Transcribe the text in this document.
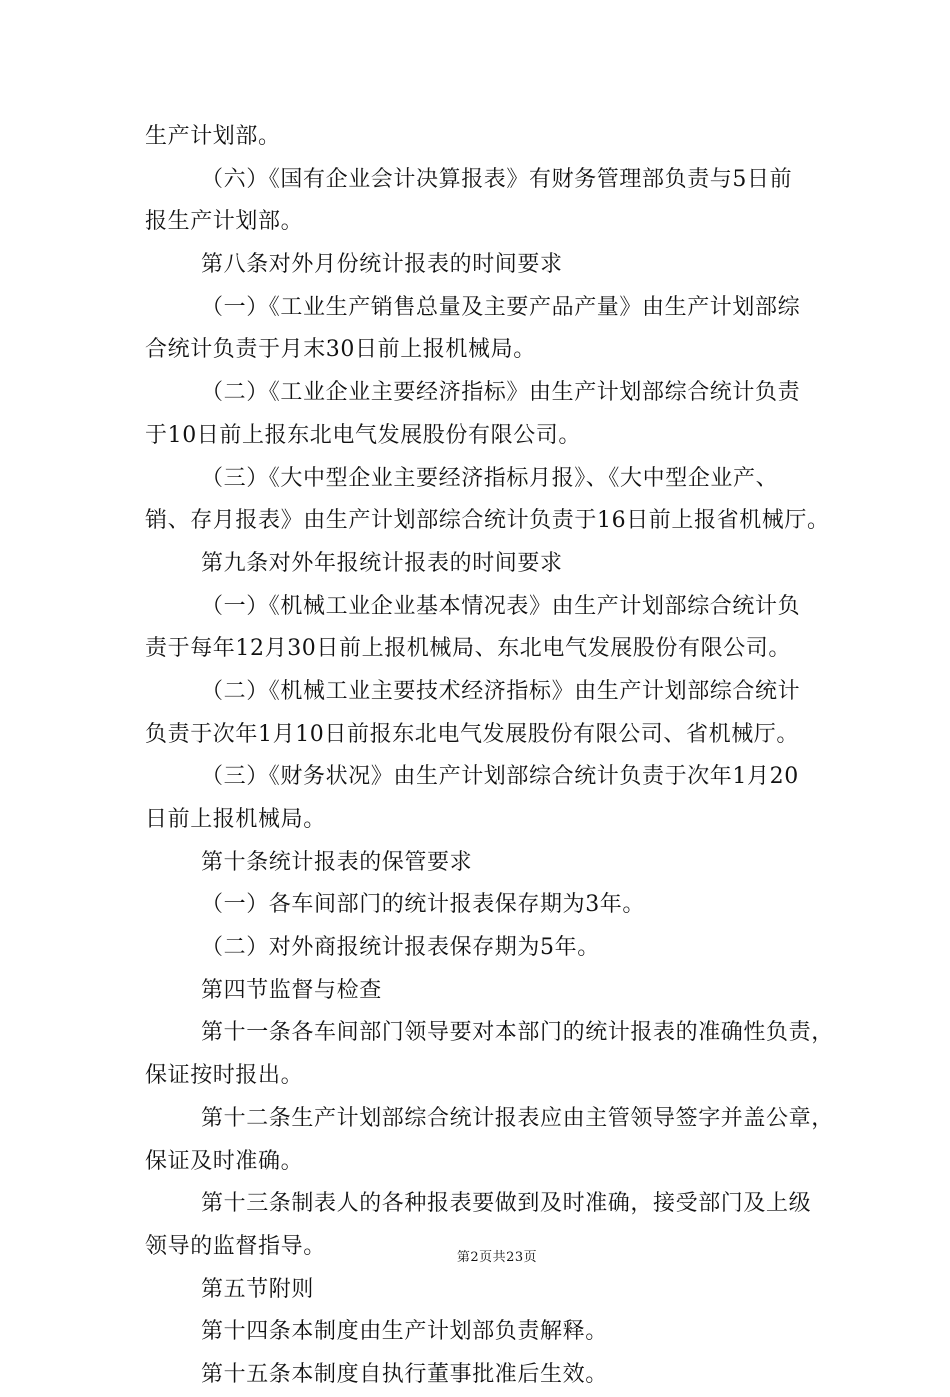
生产计划部。
（六）《国有企业会计决算报表》有财务管理部负责与5日前
报生产计划部。
第八条对外月份统计报表的时间要求
（一）《工业生产销售总量及主要产品产量》由生产计划部综
合统计负责于月末30日前上报机械局。
（二）《工业企业主要经济指标》由生产计划部综合统计负责
于10日前上报东北电气发展股份有限公司。
（三）《大中型企业主要经济指标月报》、《大中型企业产、
销、存月报表》由生产计划部综合统计负责于16日前上报省机械厅。
第九条对外年报统计报表的时间要求
（一）《机械工业企业基本情况表》由生产计划部综合统计负
责于每年12月30日前上报机械局、东北电气发展股份有限公司。
（二）《机械工业主要技术经济指标》由生产计划部综合统计
负责于次年1月10日前报东北电气发展股份有限公司、省机械厅。
（三）《财务状况》由生产计划部综合统计负责于次年1月20
日前上报机械局。
第十条统计报表的保管要求
（一）各车间部门的统计报表保存期为3年。
（二）对外商报统计报表保存期为5年。
第四节监督与检查
第十一条各车间部门领导要对本部门的统计报表的准确性负责，
保证按时报出。
第十二条生产计划部综合统计报表应由主管领导签字并盖公章，
保证及时准确。
第十三条制表人的各种报表要做到及时准确，接受部门及上级
领导的监督指导。
第五节附则
第十四条本制度由生产计划部负责解释。
第十五条本制度自执行董事批准后生效。
第2页共23页
